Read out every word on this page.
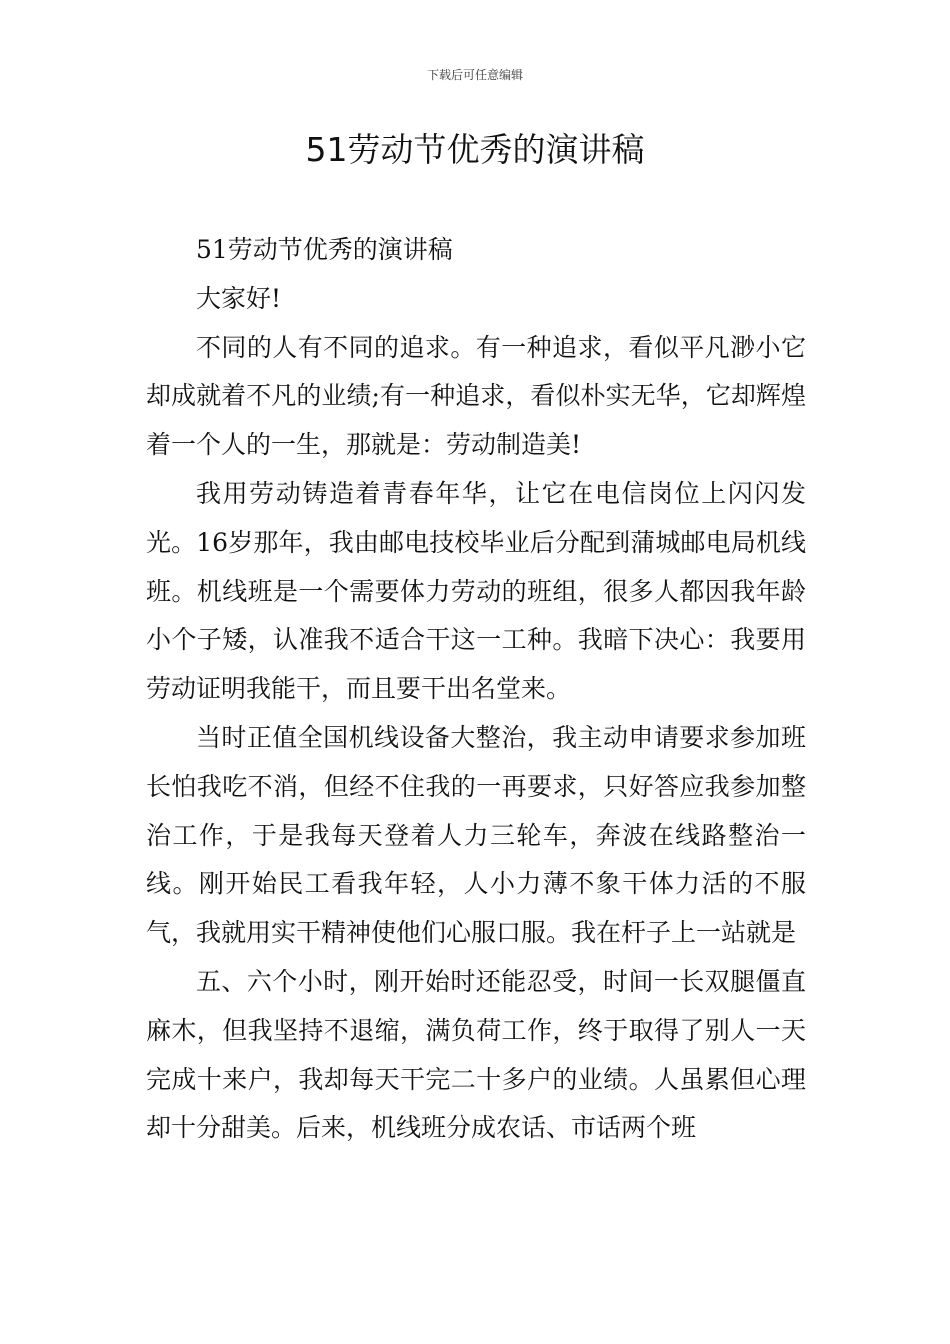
下载后可任意编辑
51劳动节优秀的演讲稿

51劳动节优秀的演讲稿

大家好!

不同的人有不同的追求。有一种追求，看似平凡渺小它却成就着不凡的业绩;有一种追求，看似朴实无华，它却辉煌着一个人的一生，那就是：劳动制造美!

我用劳动铸造着青春年华，让它在电信岗位上闪闪发光。16岁那年，我由邮电技校毕业后分配到蒲城邮电局机线班。机线班是一个需要体力劳动的班组，很多人都因我年龄小个子矮，认准我不适合干这一工种。我暗下决心：我要用劳动证明我能干，而且要干出名堂来。

当时正值全国机线设备大整治，我主动申请要求参加班长怕我吃不消，但经不住我的一再要求，只好答应我参加整治工作，于是我每天登着人力三轮车，奔波在线路整治一线。刚开始民工看我年轻，人小力薄不象干体力活的不服气，我就用实干精神使他们心服口服。我在杆子上一站就是

五、六个小时，刚开始时还能忍受，时间一长双腿僵直麻木，但我坚持不退缩，满负荷工作，终于取得了别人一天完成十来户，我却每天干完二十多户的业绩。人虽累但心理却十分甜美。后来，机线班分成农话、市话两个班
